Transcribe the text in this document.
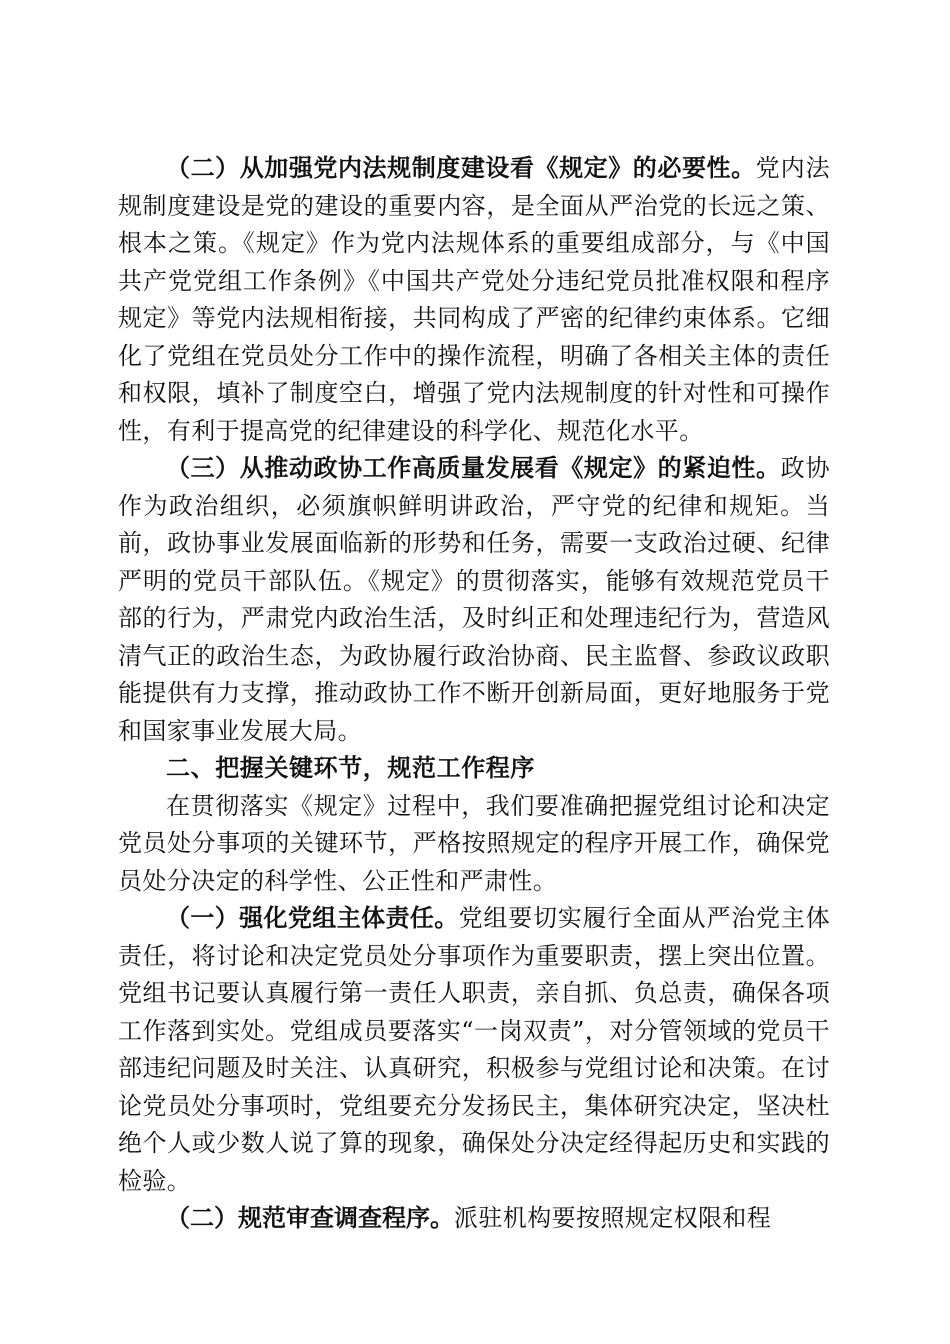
（二）从加强党内法规制度建设看《规定》的必要性。党内法规制度建设是党的建设的重要内容，是全面从严治党的长远之策、根本之策。《规定》作为党内法规体系的重要组成部分，与《中国共产党党组工作条例》《中国共产党处分违纪党员批准权限和程序规定》等党内法规相衔接，共同构成了严密的纪律约束体系。它细化了党组在党员处分工作中的操作流程，明确了各相关主体的责任和权限，填补了制度空白，增强了党内法规制度的针对性和可操作性，有利于提高党的纪律建设的科学化、规范化水平。

（三）从推动政协工作高质量发展看《规定》的紧迫性。政协作为政治组织，必须旗帜鲜明讲政治，严守党的纪律和规矩。当前，政协事业发展面临新的形势和任务，需要一支政治过硬、纪律严明的党员干部队伍。《规定》的贯彻落实，能够有效规范党员干部的行为，严肃党内政治生活，及时纠正和处理违纪行为，营造风清气正的政治生态，为政协履行政治协商、民主监督、参政议政职能提供有力支撑，推动政协工作不断开创新局面，更好地服务于党和国家事业发展大局。

二、把握关键环节，规范工作程序

在贯彻落实《规定》过程中，我们要准确把握党组讨论和决定党员处分事项的关键环节，严格按照规定的程序开展工作，确保党员处分决定的科学性、公正性和严肃性。

（一）强化党组主体责任。党组要切实履行全面从严治党主体责任，将讨论和决定党员处分事项作为重要职责，摆上突出位置。党组书记要认真履行第一责任人职责，亲自抓、负总责，确保各项工作落到实处。党组成员要落实“一岗双责”，对分管领域的党员干部违纪问题及时关注、认真研究，积极参与党组讨论和决策。在讨论党员处分事项时，党组要充分发扬民主，集体研究决定，坚决杜绝个人或少数人说了算的现象，确保处分决定经得起历史和实践的检验。

（二）规范审查调查程序。派驻机构要按照规定权限和程
